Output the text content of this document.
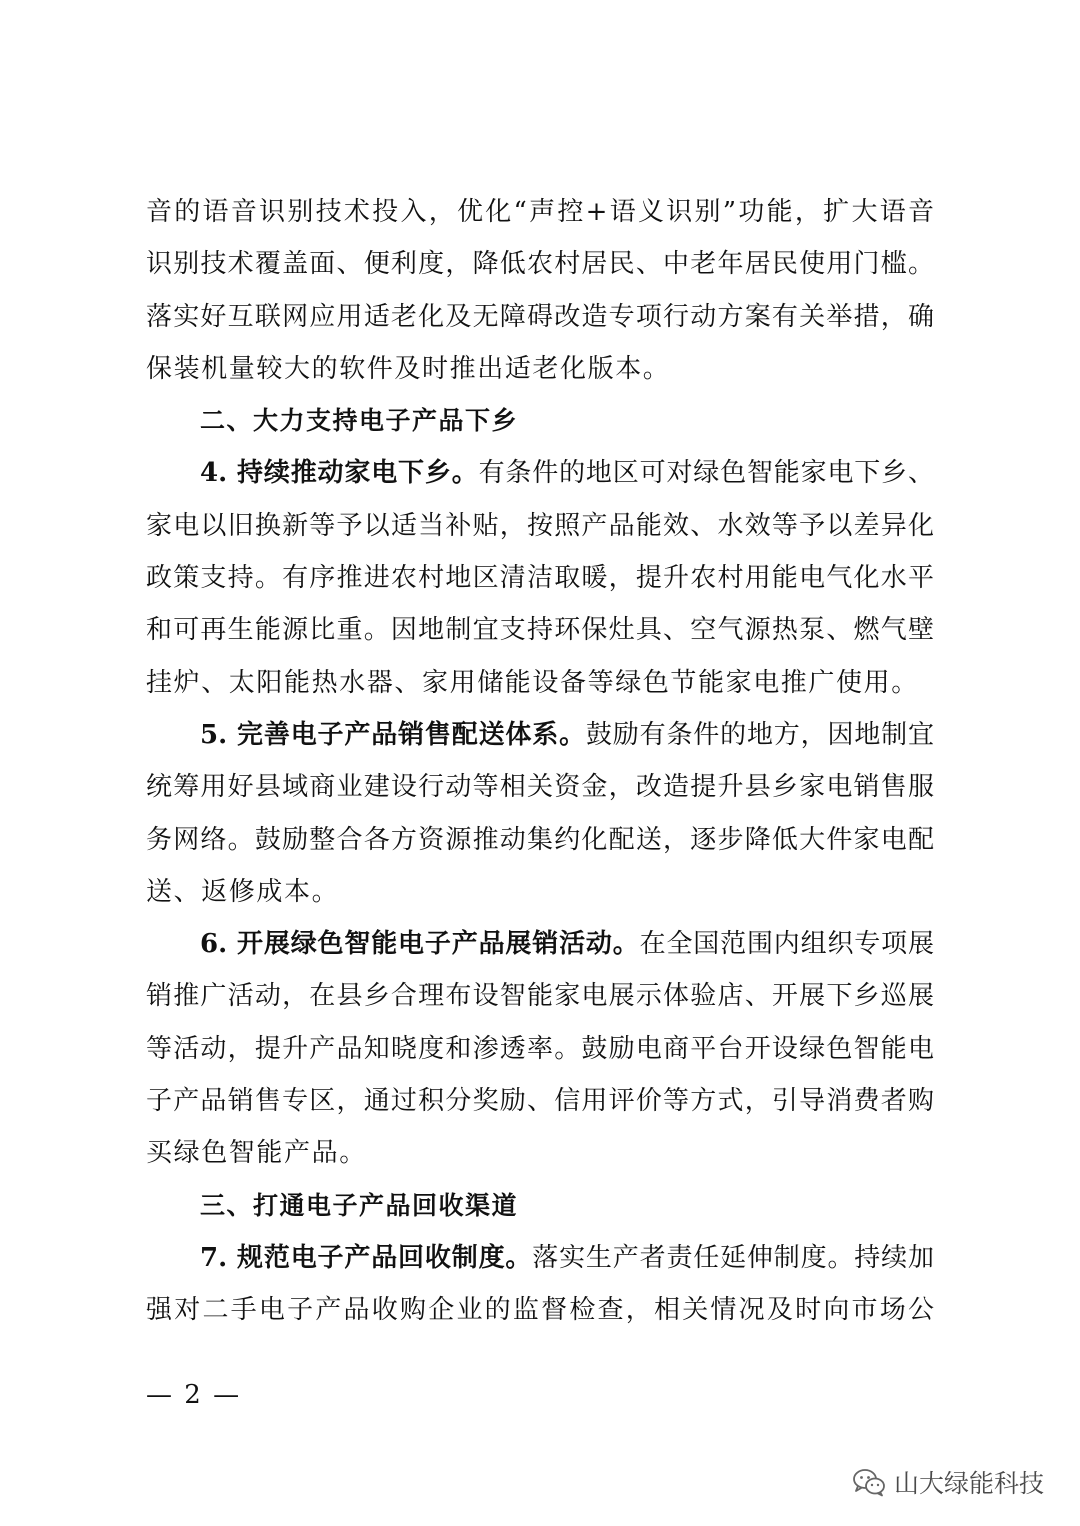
音的语音识别技术投入，优化“声控+语义识别”功能，扩大语音
识别技术覆盖面、便利度，降低农村居民、中老年居民使用门槛。
落实好互联网应用适老化及无障碍改造专项行动方案有关举措，确
保装机量较大的软件及时推出适老化版本。
二、大力支持电子产品下乡
4. 持续推动家电下乡。有条件的地区可对绿色智能家电下乡、
家电以旧换新等予以适当补贴，按照产品能效、水效等予以差异化
政策支持。有序推进农村地区清洁取暖，提升农村用能电气化水平
和可再生能源比重。因地制宜支持环保灶具、空气源热泵、燃气壁
挂炉、太阳能热水器、家用储能设备等绿色节能家电推广使用。
5. 完善电子产品销售配送体系。鼓励有条件的地方，因地制宜
统筹用好县域商业建设行动等相关资金，改造提升县乡家电销售服
务网络。鼓励整合各方资源推动集约化配送，逐步降低大件家电配
送、返修成本。
6. 开展绿色智能电子产品展销活动。在全国范围内组织专项展
销推广活动，在县乡合理布设智能家电展示体验店、开展下乡巡展
等活动，提升产品知晓度和渗透率。鼓励电商平台开设绿色智能电
子产品销售专区，通过积分奖励、信用评价等方式，引导消费者购
买绿色智能产品。
三、打通电子产品回收渠道
7. 规范电子产品回收制度。落实生产者责任延伸制度。持续加
强对二手电子产品收购企业的监督检查，相关情况及时向市场公
— 2 —
山大绿能科技
